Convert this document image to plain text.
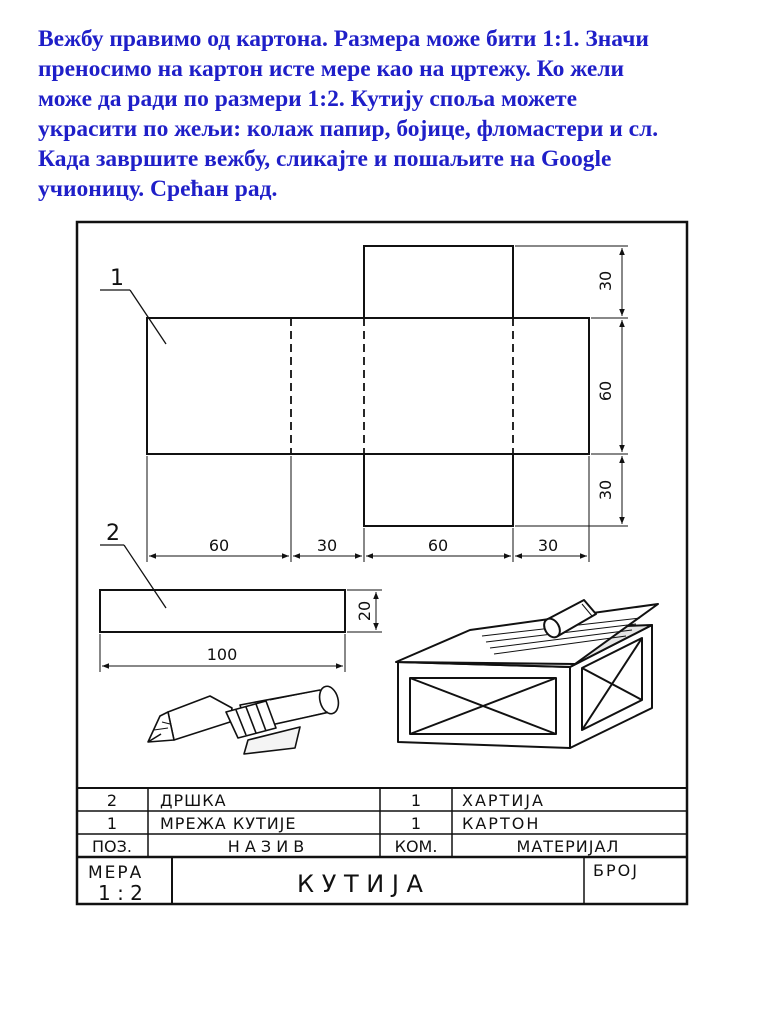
Вежбу правимо од картона. Размера може бити 1:1. Значи

преносимо на картон исте мере као на цртежу. Ко жели

може да ради по размери 1:2. Кутију споља можете

украсити по жељи: колаж папир, бојице, фломастери и сл.

Када завршите вежбу, сликајте и пошаљите на Google

учионицу. Срећан рад.

1
60	30	60	30
30
60
30
2
100
20
2	ДРШКА	1	ХАРТИЈА
1	МРЕЖА КУТИЈЕ	1	КАРТОН
ПОЗ.	Н А З И В	КОМ.	МАТЕРИЈАЛ
МЕРА
1 : 2	К У Т И Ј А	БРОЈ
